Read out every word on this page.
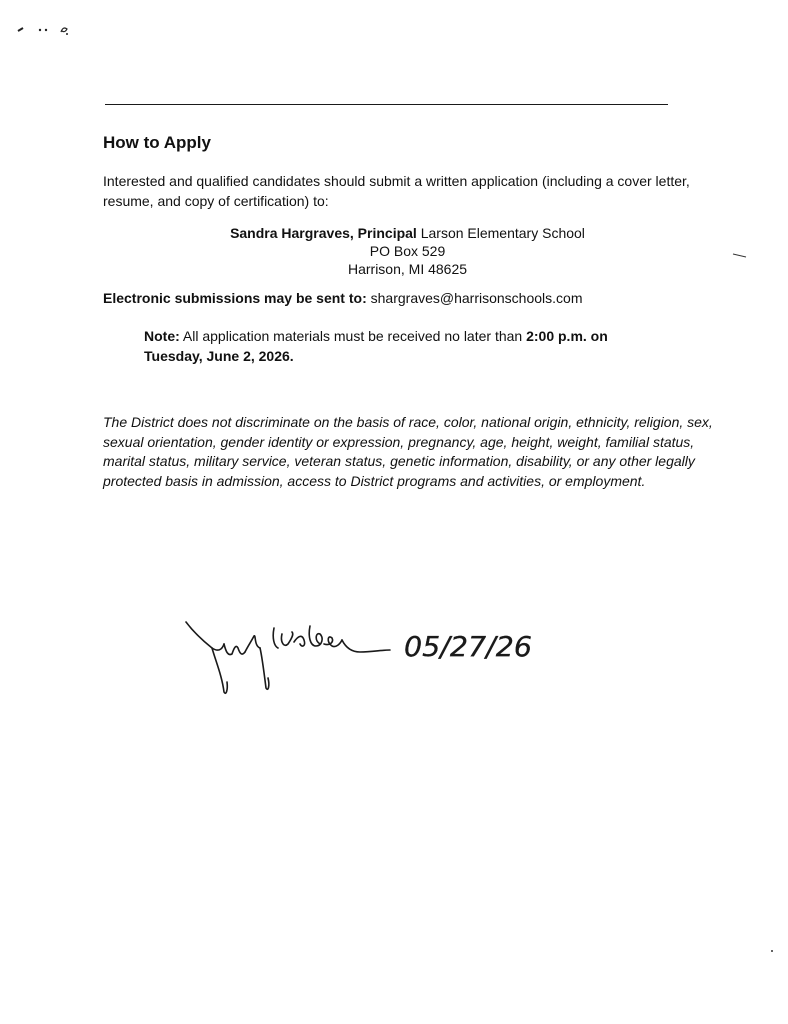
How to Apply

Interested and qualified candidates should submit a written application (including a cover letter, resume, and copy of certification) to:

Sandra Hargraves, Principal Larson Elementary School
PO Box 529
Harrison, MI 48625
Electronic submissions may be sent to: shargraves@harrisonschools.com

Note: All application materials must be received no later than 2:00 p.m. on Tuesday, June 2, 2026.

The District does not discriminate on the basis of race, color, national origin, ethnicity, religion, sex, sexual orientation, gender identity or expression, pregnancy, age, height, weight, familial status, marital status, military service, veteran status, genetic information, disability, or any other legally protected basis in admission, access to District programs and activities, or employment.

05/27/26
